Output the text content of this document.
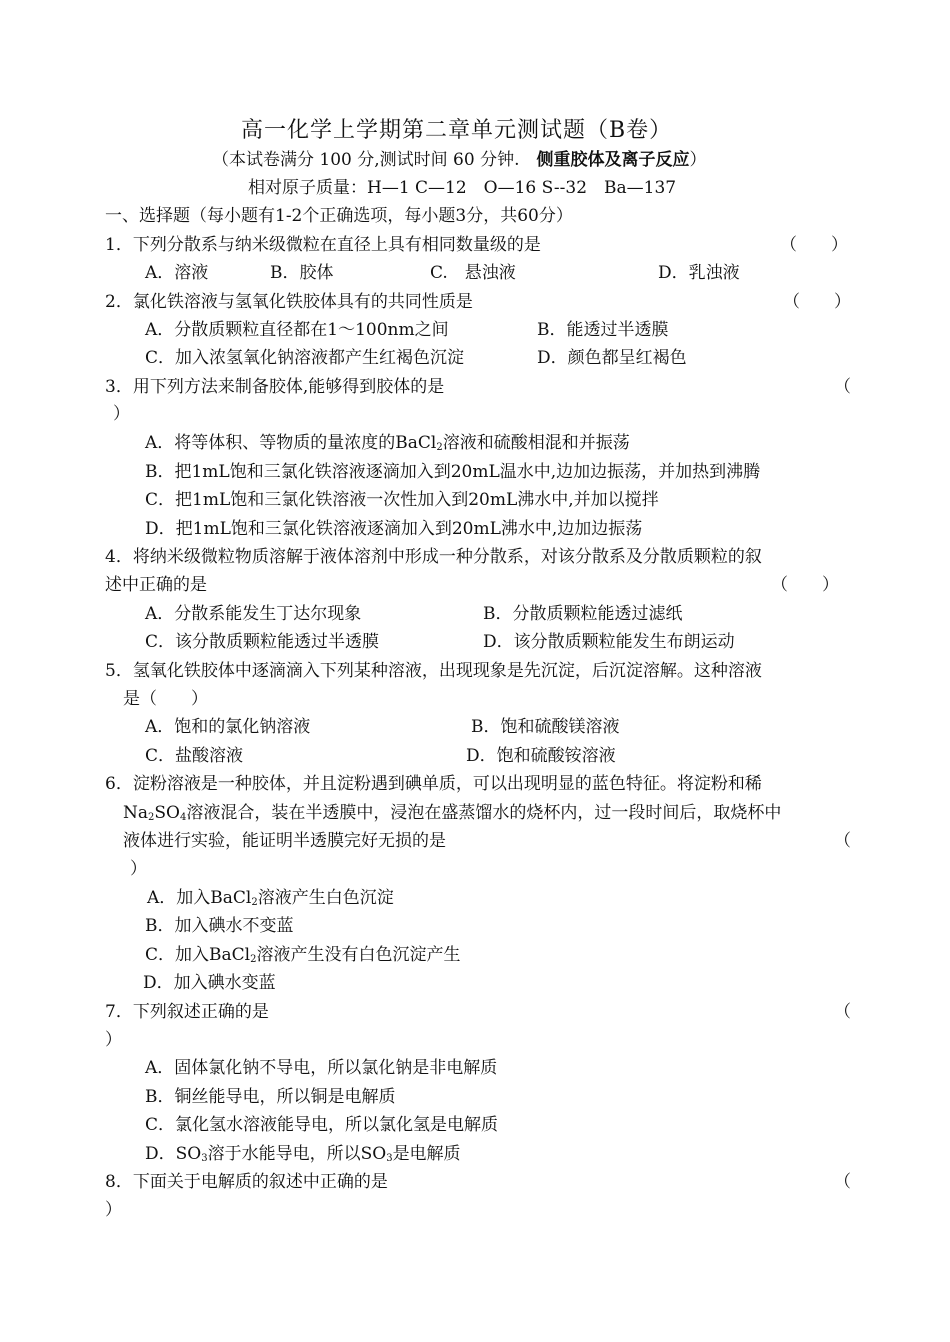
高一化学上学期第二章单元测试题（B卷）
（本试卷满分 100 分,测试时间 60 分钟.　 侧重胶体及离子反应）
相对原子质量：H—1 C—12　O—16 S--32　Ba—137
一、选择题（每小题有1-2个正确选项，每小题3分，共60分）
1．下列分散系与纳米级微粒在直径上具有相同数量级的是	（　　）
A．溶液	B．胶体	C.　悬浊液	D．乳浊液
2．氯化铁溶液与氢氧化铁胶体具有的共同性质是	（　　）
A．分散质颗粒直径都在1～100nm之间	B．能透过半透膜
C．加入浓氢氧化钠溶液都产生红褐色沉淀	D．颜色都呈红褐色
3．用下列方法来制备胶体,能够得到胶体的是	（
）
A．将等体积、等物质的量浓度的BaCl$_2$溶液和硫酸相混和并振荡
B．把1mL饱和三氯化铁溶液逐滴加入到20mL温水中,边加边振荡，并加热到沸腾
C．把1mL饱和三氯化铁溶液一次性加入到20mL沸水中,并加以搅拌
D．把1mL饱和三氯化铁溶液逐滴加入到20mL沸水中,边加边振荡
4．将纳米级微粒物质溶解于液体溶剂中形成一种分散系，对该分散系及分散质颗粒的叙
述中正确的是	（　　）
A．分散系能发生丁达尔现象	B．分散质颗粒能透过滤纸
C．该分散质颗粒能透过半透膜	D．该分散质颗粒能发生布朗运动
5．氢氧化铁胶体中逐滴滴入下列某种溶液，出现现象是先沉淀，后沉淀溶解。这种溶液
是（　　）
A．饱和的氯化钠溶液	B．饱和硫酸镁溶液
C．盐酸溶液	D．饱和硫酸铵溶液
6．淀粉溶液是一种胶体，并且淀粉遇到碘单质，可以出现明显的蓝色特征。将淀粉和稀
$Na_2SO_4$溶液混合，装在半透膜中，浸泡在盛蒸馏水的烧杯内，过一段时间后，取烧杯中
液体进行实验，能证明半透膜完好无损的是	（
）
A．加入BaCl$_2$溶液产生白色沉淀
B．加入碘水不变蓝
C．加入BaCl$_2$溶液产生没有白色沉淀产生
D．加入碘水变蓝
7．下列叙述正确的是	（
）
A．固体氯化钠不导电，所以氯化钠是非电解质
B．铜丝能导电，所以铜是电解质
C．氯化氢水溶液能导电，所以氯化氢是电解质
D．$SO_3$溶于水能导电，所以$SO_3$是电解质
8．下面关于电解质的叙述中正确的是	（
）
